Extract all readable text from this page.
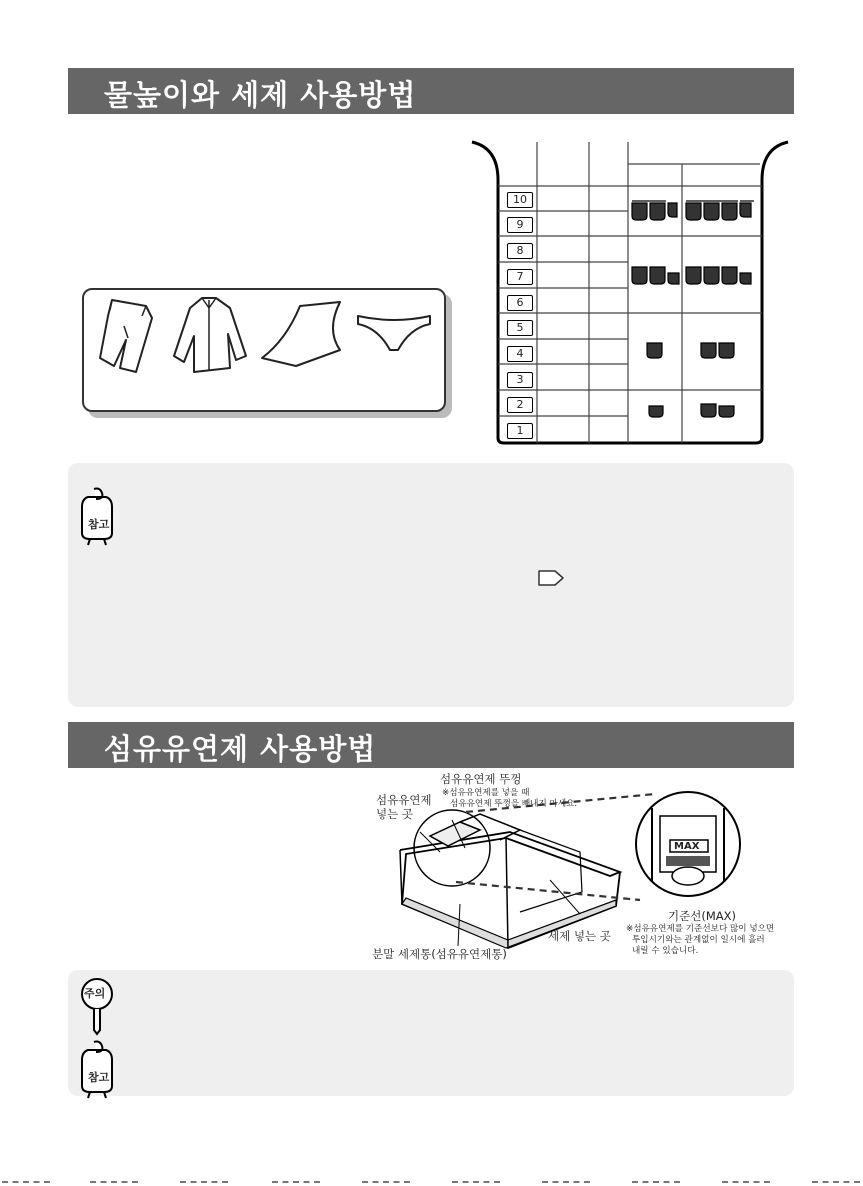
물높이와 세제 사용방법
10
9
8
7
6
5
4
3
2
1
참고
섬유유연제 사용방법
MAX
섬유유연제 뚜껑
※섬유유연제를 넣을 때
섬유유연제 뚜껑을 빼내지 마세요.
섬유유연제
넣는 곳
세제 넣는 곳
분말 세제통(섬유유연제통)
기준선(MAX)
※섬유유연제를 기준선보다 많이 넣으면
투입시기와는 관계없이 일시에 흘러
내릴 수 있습니다.
주의
참고
